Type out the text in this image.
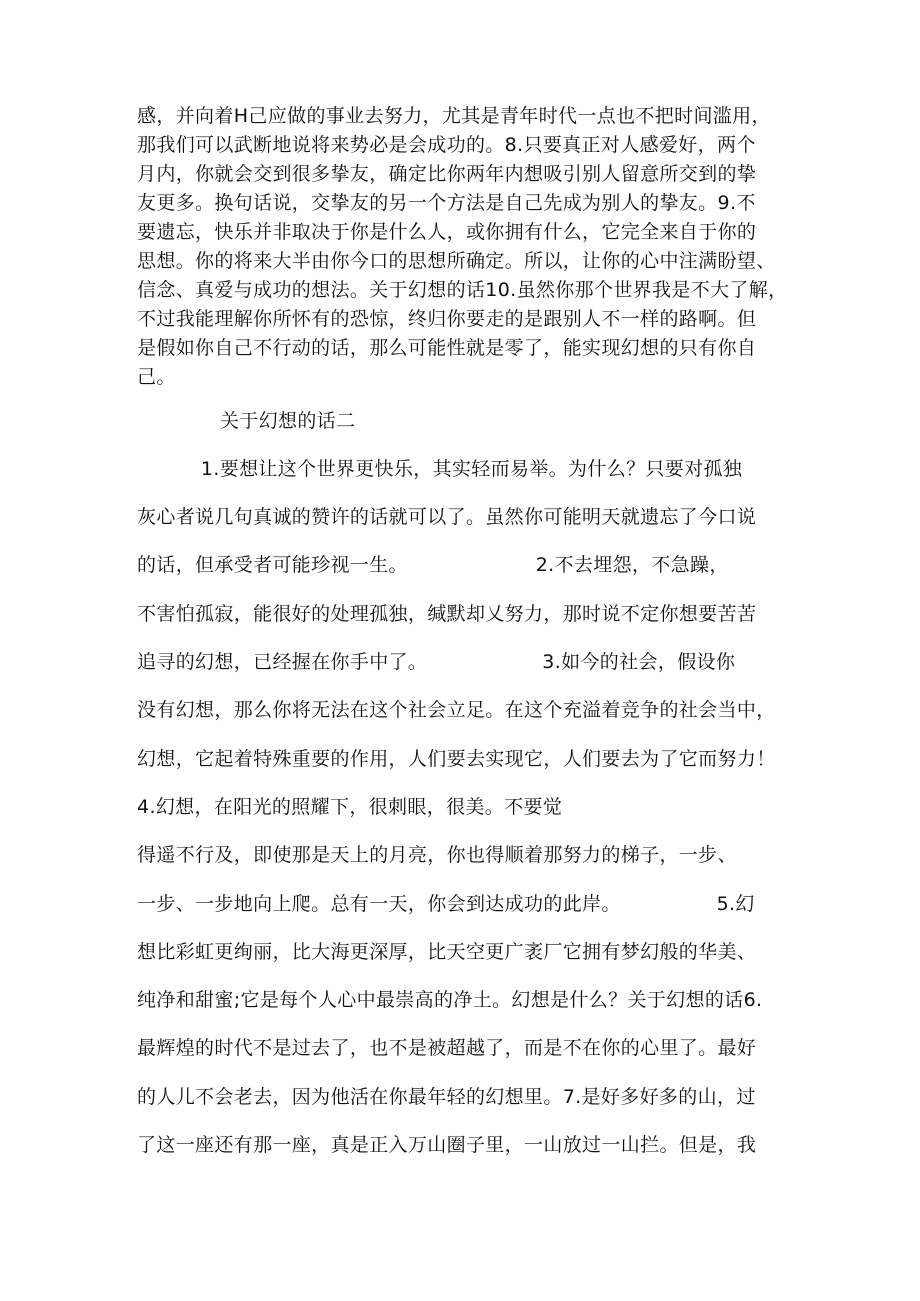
感，并向着H己应做的事业去努力，尤其是青年时代一点也不把时间滥用，

那我们可以武断地说将来势必是会成功的。8.只要真正对人感爱好，两个

月内，你就会交到很多挚友，确定比你两年内想吸引别人留意所交到的挚

友更多。换句话说，交挚友的另一个方法是自己先成为别人的挚友。9.不

要遗忘，快乐并非取决于你是什么人，或你拥有什么，它完全来自于你的

思想。你的将来大半由你今口的思想所确定。所以，让你的心中注满盼望、

信念、真爱与成功的想法。关于幻想的话10.虽然你那个世界我是不大了解，

不过我能理解你所怀有的恐惊，终归你要走的是跟别人不一样的路啊。但

是假如你自己不行动的话，那么可能性就是零了，能实现幻想的只有你自

己。

关于幻想的话二

1.要想让这个世界更快乐，其实轻而易举。为什么？只要对孤独

灰心者说几句真诚的赞许的话就可以了。虽然你可能明天就遗忘了今口说

的话，但承受者可能珍视一生。                    2.不去埋怨，不急躁，

不害怕孤寂，能很好的处理孤独，缄默却乂努力，那时说不定你想要苦苦

追寻的幻想，已经握在你手中了。                  3.如今的社会，假设你

没有幻想，那么你将无法在这个社会立足。在这个充溢着竞争的社会当中，

幻想，它起着特殊重要的作用，人们要去实现它，人们要去为了它而努力！

4.幻想，在阳光的照耀下，很刺眼，很美。不要觉

得遥不行及，即使那是天上的月亮，你也得顺着那努力的梯子，一步、

一步、一步地向上爬。总有一天，你会到达成功的此岸。               5.幻

想比彩虹更绚丽，比大海更深厚，比天空更广袤厂它拥有梦幻般的华美、

纯净和甜蜜;它是每个人心中最崇高的净土。幻想是什么？关于幻想的话6.

最辉煌的时代不是过去了，也不是被超越了，而是不在你的心里了。最好

的人儿不会老去，因为他活在你最年轻的幻想里。7.是好多好多的山，过

了这一座还有那一座，真是正入万山圈子里，一山放过一山拦。但是，我
